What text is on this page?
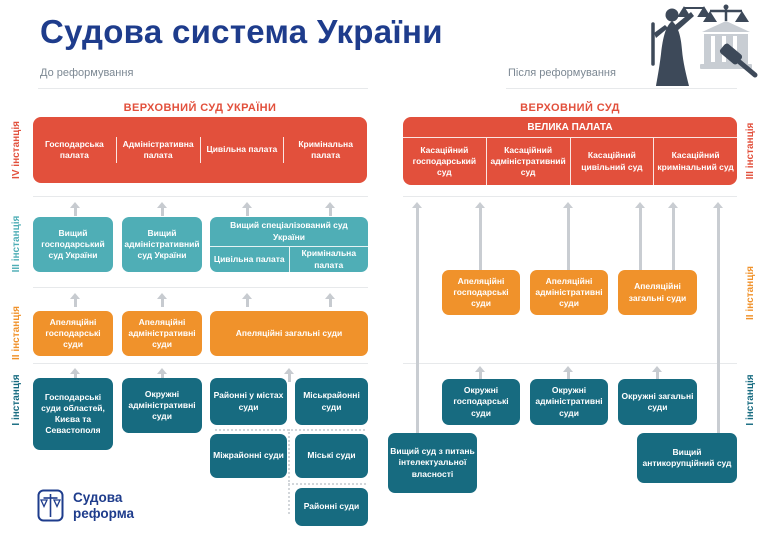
Судова система України
До реформування	Після реформування
IV інстанція
III інстанція
II інстанція
I інстанція
III інстанція
II інстанція
I інстанція
ВЕРХОВНИЙ СУД УКРАЇНИ
Господарська палата
Адміністративна палата
Цивільна палата
Кримінальна палата
Вищий господарський суд України
Вищий адміністративний суд України
Вищий спеціалізований суд України
Цивільна палата
Кримінальна палата
Апеляційні господарські суди
Апеляційні адміністративні суди
Апеляційні загальні суди
Господарські суди областей, Києва та Севастополя
Окружні адміністративні суди
Районні у містах суди
Міськрайонні суди
Міжрайонні суди	Міські суди
Районні суди
Судова реформа
ВЕРХОВНИЙ СУД
ВЕЛИКА ПАЛАТА
Касаційний господарський суд
Касаційний адміністративний суд
Касаційний цивільний суд
Касаційний кримінальний суд
Апеляційні господарські суди
Апеляційні адміністративні суди
Апеляційні загальні суди
Окружні господарські суди
Окружні адміністративні суди
Окружні загальні суди
Вищий суд з питань інтелектуальної власності
Вищий антикорупційний суд
